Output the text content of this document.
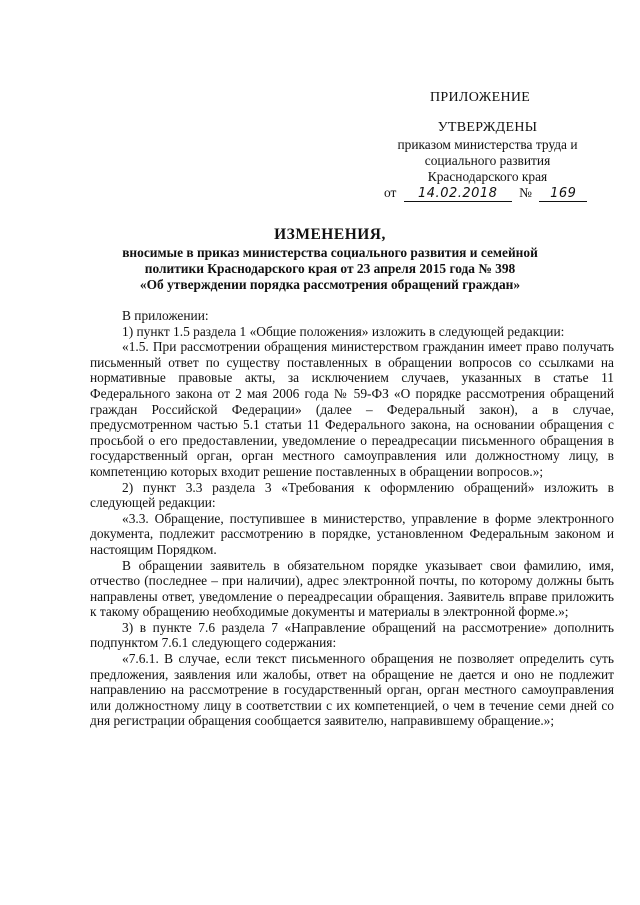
ПРИЛОЖЕНИЕ
УТВЕРЖДЕНЫ
приказом министерства труда и
социального развития
Краснодарского края
от 14.02.2018 № 169
ИЗМЕНЕНИЯ,
вносимые в приказ министерства социального развития и семейной
политики Краснодарского края от 23 апреля 2015 года № 398
«Об утверждении порядка рассмотрения обращений граждан»

В приложении:

1) пункт 1.5 раздела 1 «Общие положения» изложить в следующей редакции:

«1.5. При рассмотрении обращения министерством гражданин имеет право получать письменный ответ по существу поставленных в обращении вопросов со ссылками на нормативные правовые акты, за исключением случаев, указанных в статье 11 Федерального закона от 2 мая 2006 года № 59-ФЗ «О порядке рассмотрения обращений граждан Российской Федерации» (далее – Федеральный закон), а в случае, предусмотренном частью 5.1 статьи 11 Федерального закона, на основании обращения с просьбой о его предоставлении, уведомление о переадресации письменного обращения в государственный орган, орган местного самоуправления или должностному лицу, в компетенцию которых входит решение поставленных в обращении вопросов.»;

2) пункт 3.3 раздела 3 «Требования к оформлению обращений» изложить в следующей редакции:

«3.3. Обращение, поступившее в министерство, управление в форме электронного документа, подлежит рассмотрению в порядке, установленном Федеральным законом и настоящим Порядком.

В обращении заявитель в обязательном порядке указывает свои фамилию, имя, отчество (последнее – при наличии), адрес электронной почты, по которому должны быть направлены ответ, уведомление о переадресации обращения. Заявитель вправе приложить к такому обращению необходимые документы и материалы в электронной форме.»;

3) в пункте 7.6 раздела 7 «Направление обращений на рассмотрение» дополнить подпунктом 7.6.1 следующего содержания:

«7.6.1. В случае, если текст письменного обращения не позволяет определить суть предложения, заявления или жалобы, ответ на обращение не дается и оно не подлежит направлению на рассмотрение в государственный орган, орган местного самоуправления или должностному лицу в соответствии с их компетенцией, о чем в течение семи дней со дня регистрации обращения сообщается заявителю, направившему обращение.»;
